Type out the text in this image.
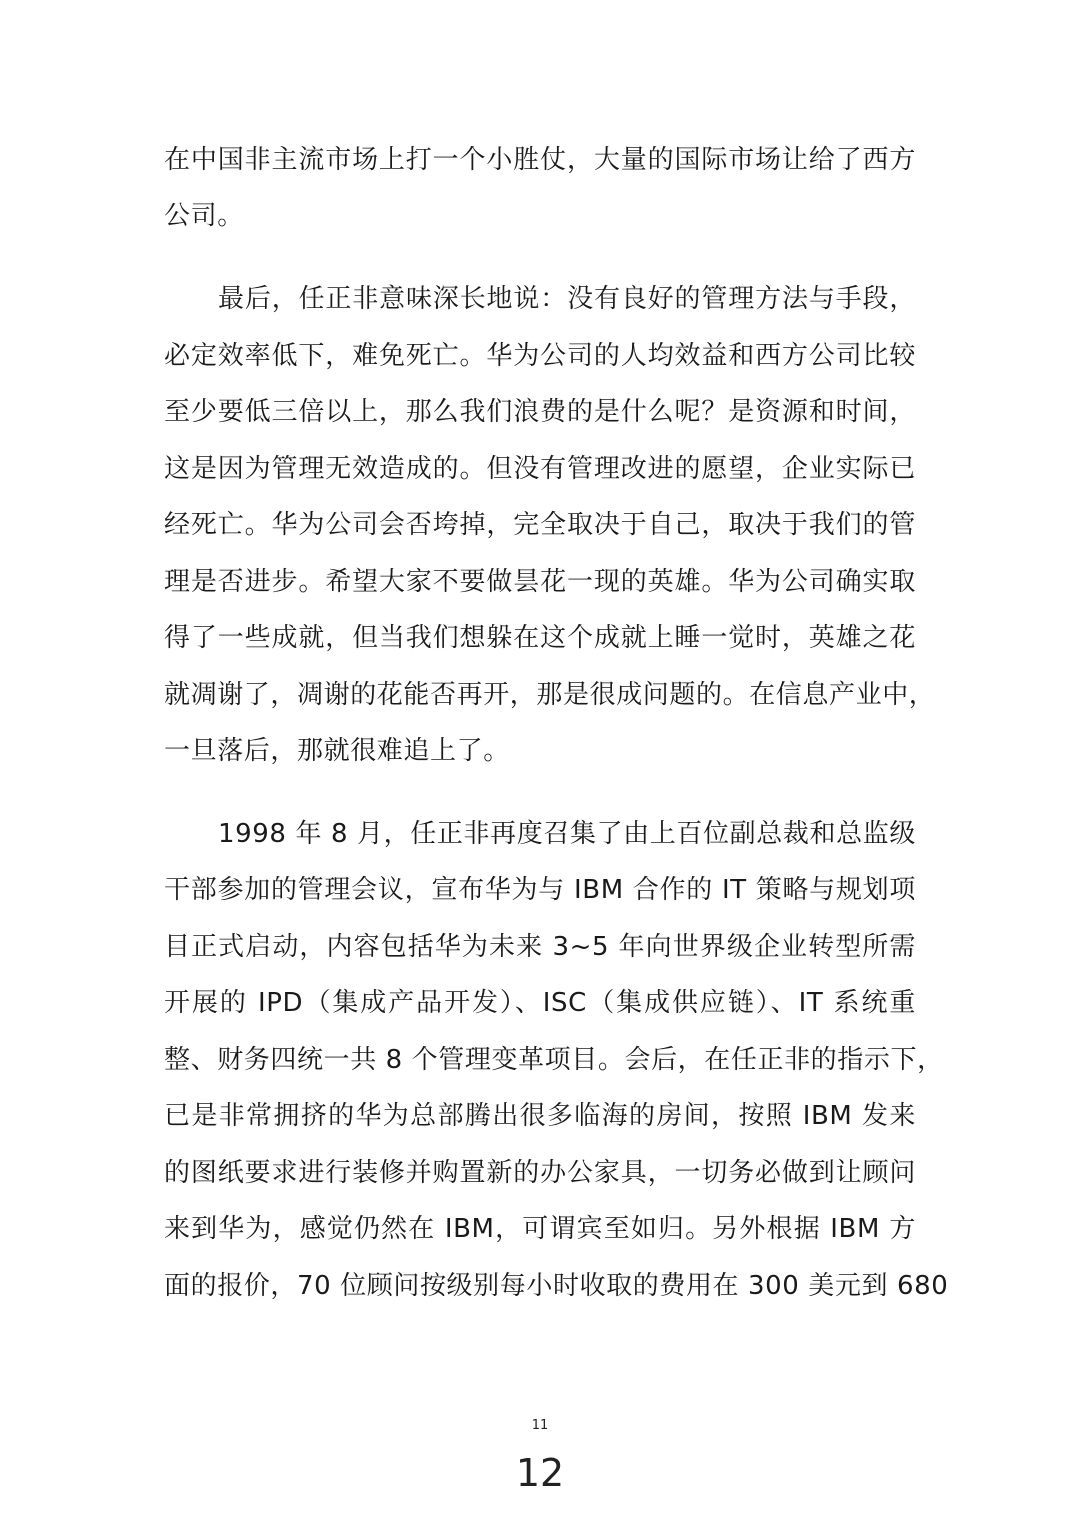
在中国非主流市场上打一个小胜仗，大量的国际市场让给了西方
公司。
最后，任正非意味深长地说：没有良好的管理方法与手段，
必定效率低下，难免死亡。华为公司的人均效益和西方公司比较
至少要低三倍以上，那么我们浪费的是什么呢？是资源和时间，
这是因为管理无效造成的。但没有管理改进的愿望，企业实际已
经死亡。华为公司会否垮掉，完全取决于自己，取决于我们的管
理是否进步。希望大家不要做昙花一现的英雄。华为公司确实取
得了一些成就，但当我们想躲在这个成就上睡一觉时，英雄之花
就凋谢了，凋谢的花能否再开，那是很成问题的。在信息产业中，
一旦落后，那就很难追上了。
1998 年 8 月，任正非再度召集了由上百位副总裁和总监级
干部参加的管理会议，宣布华为与 IBM 合作的 IT 策略与规划项
目正式启动，内容包括华为未来 3~5 年向世界级企业转型所需
开展的 IPD（集成产品开发）、ISC（集成供应链）、IT 系统重
整、财务四统一共 8 个管理变革项目。会后，在任正非的指示下，
已是非常拥挤的华为总部腾出很多临海的房间，按照 IBM 发来
的图纸要求进行装修并购置新的办公家具，一切务必做到让顾问
来到华为，感觉仍然在 IBM，可谓宾至如归。另外根据 IBM 方
面的报价，70 位顾问按级别每小时收取的费用在 300 美元到 680
11
12
